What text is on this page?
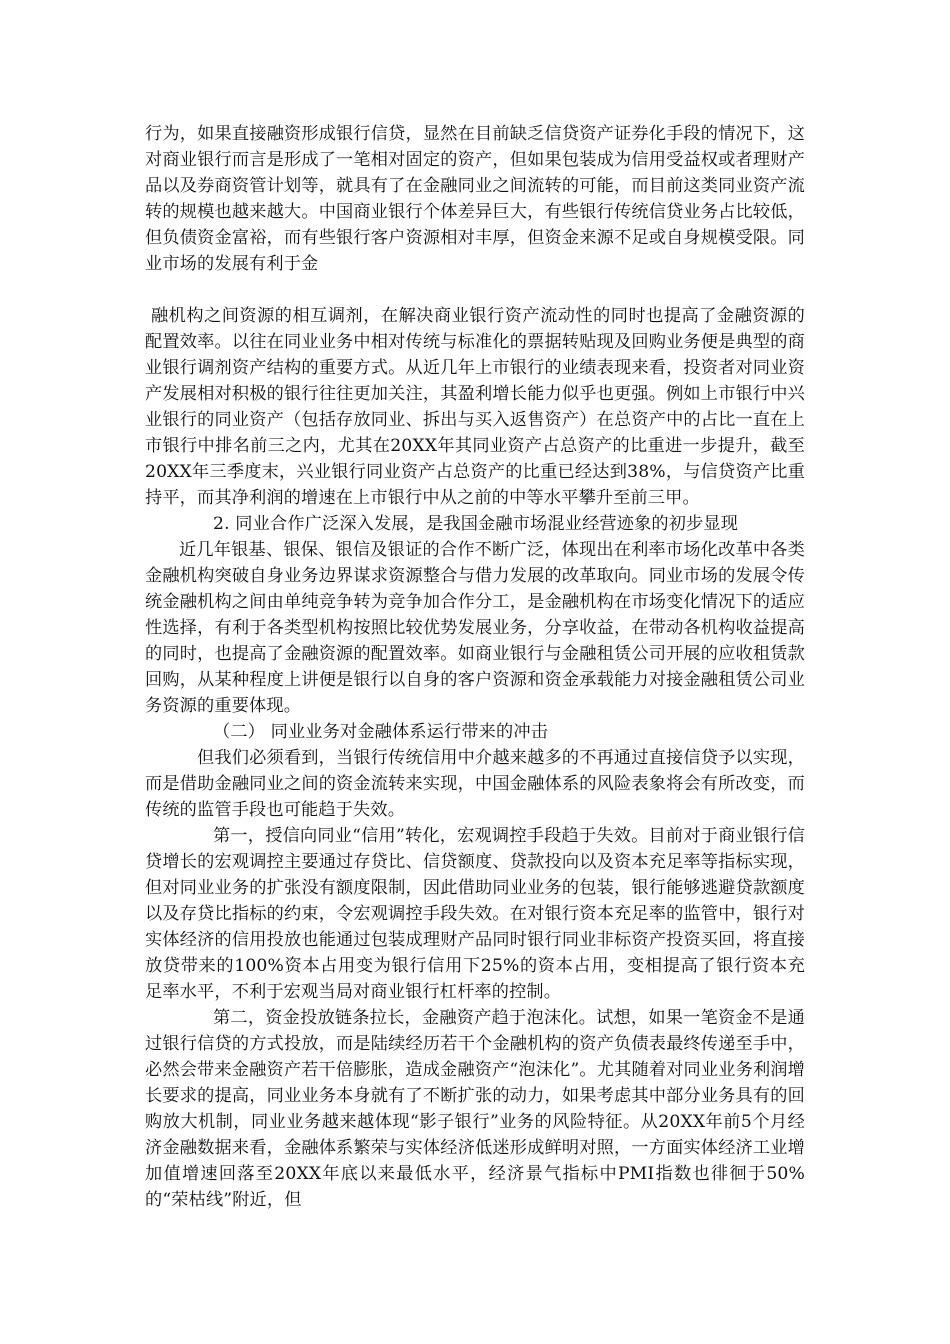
行为，如果直接融资形成银行信贷，显然在目前缺乏信贷资产证券化手段的情况下，这对商业银行而言是形成了一笔相对固定的资产，但如果包装成为信用受益权或者理财产品以及券商资管计划等，就具有了在金融同业之间流转的可能，而目前这类同业资产流转的规模也越来越大。中国商业银行个体差异巨大，有些银行传统信贷业务占比较低，但负债资金富裕，而有些银行客户资源相对丰厚，但资金来源不足或自身规模受限。同业市场的发展有利于金

融机构之间资源的相互调剂，在解决商业银行资产流动性的同时也提高了金融资源的配置效率。以往在同业业务中相对传统与标准化的票据转贴现及回购业务便是典型的商业银行调剂资产结构的重要方式。从近几年上市银行的业绩表现来看，投资者对同业资产发展相对积极的银行往往更加关注，其盈利增长能力似乎也更强。例如上市银行中兴业银行的同业资产（包括存放同业、拆出与买入返售资产）在总资产中的占比一直在上市银行中排名前三之内，尤其在20XX年其同业资产占总资产的比重进一步提升，截至20XX年三季度末，兴业银行同业资产占总资产的比重已经达到38%，与信贷资产比重持平，而其净利润的增速在上市银行中从之前的中等水平攀升至前三甲。

2. 同业合作广泛深入发展，是我国金融市场混业经营迹象的初步显现

近几年银基、银保、银信及银证的合作不断广泛，体现出在利率市场化改革中各类金融机构突破自身业务边界谋求资源整合与借力发展的改革取向。同业市场的发展令传统金融机构之间由单纯竞争转为竞争加合作分工，是金融机构在市场变化情况下的适应性选择，有利于各类型机构按照比较优势发展业务，分享收益，在带动各机构收益提高的同时，也提高了金融资源的配置效率。如商业银行与金融租赁公司开展的应收租赁款回购，从某种程度上讲便是银行以自身的客户资源和资金承载能力对接金融租赁公司业务资源的重要体现。

（二） 同业业务对金融体系运行带来的冲击

但我们必须看到，当银行传统信用中介越来越多的不再通过直接信贷予以实现，而是借助金融同业之间的资金流转来实现，中国金融体系的风险表象将会有所改变，而传统的监管手段也可能趋于失效。

第一，授信向同业“信用”转化，宏观调控手段趋于失效。目前对于商业银行信贷增长的宏观调控主要通过存贷比、信贷额度、贷款投向以及资本充足率等指标实现，但对同业业务的扩张没有额度限制，因此借助同业业务的包装，银行能够逃避贷款额度以及存贷比指标的约束，令宏观调控手段失效。在对银行资本充足率的监管中，银行对实体经济的信用投放也能通过包装成理财产品同时银行同业非标资产投资买回，将直接放贷带来的100%资本占用变为银行信用下25%的资本占用，变相提高了银行资本充足率水平，不利于宏观当局对商业银行杠杆率的控制。

第二，资金投放链条拉长，金融资产趋于泡沫化。试想，如果一笔资金不是通过银行信贷的方式投放，而是陆续经历若干个金融机构的资产负债表最终传递至手中，必然会带来金融资产若干倍膨胀，造成金融资产“泡沫化”。尤其随着对同业业务利润增长要求的提高，同业业务本身就有了不断扩张的动力，如果考虑其中部分业务具有的回购放大机制，同业业务越来越体现“影子银行”业务的风险特征。从20XX年前5个月经济金融数据来看，金融体系繁荣与实体经济低迷形成鲜明对照，一方面实体经济工业增加值增速回落至20XX年底以来最低水平，经济景气指标中PMI指数也徘徊于50%的“荣枯线”附近，但
